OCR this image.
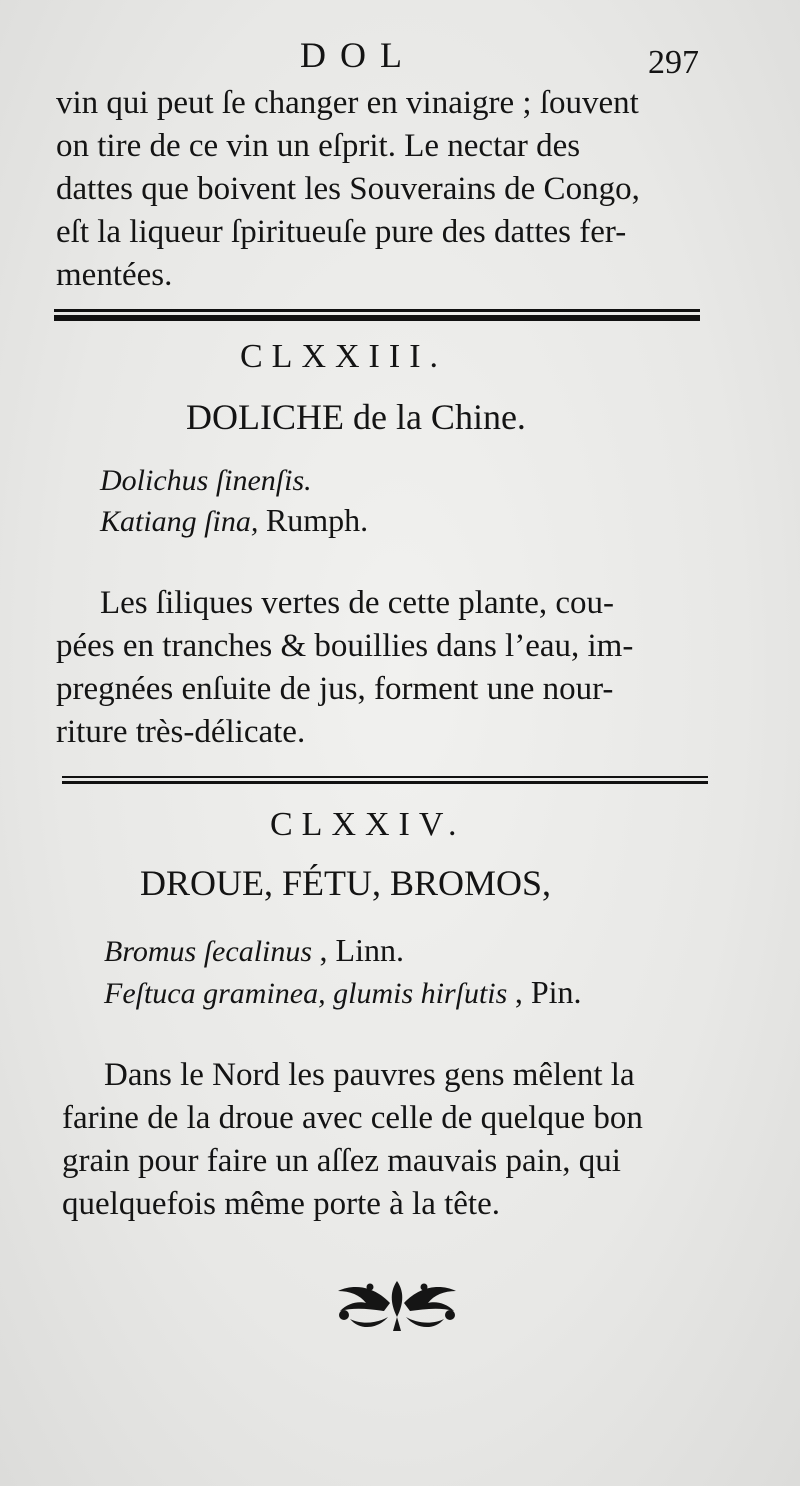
DOL	297
vin qui peut ſe changer en vinaigre ; ſouvent
on tire de ce vin un eſprit. Le nectar des
dattes que boivent les Souverains de Congo,
eſt la liqueur ſpiritueuſe pure des dattes fer-
mentées.
CLXXIII.
DOLICHE de la Chine.
Dolichus ſinenſis.
Katiang ſina, Rumph.
Les ſiliques vertes de cette plante, cou-
pées en tranches & bouillies dans l’eau, im-
pregnées enſuite de jus, forment une nour-
riture très-délicate.
CLXXIV.
DROUE, FÉTU, BROMOS,
Bromus ſecalinus , Linn.
Feſtuca graminea, glumis hirſutis , Pin.
Dans le Nord les pauvres gens mêlent la
farine de la droue avec celle de quelque bon
grain pour faire un aſſez mauvais pain, qui
quelquefois même porte à la tête.
